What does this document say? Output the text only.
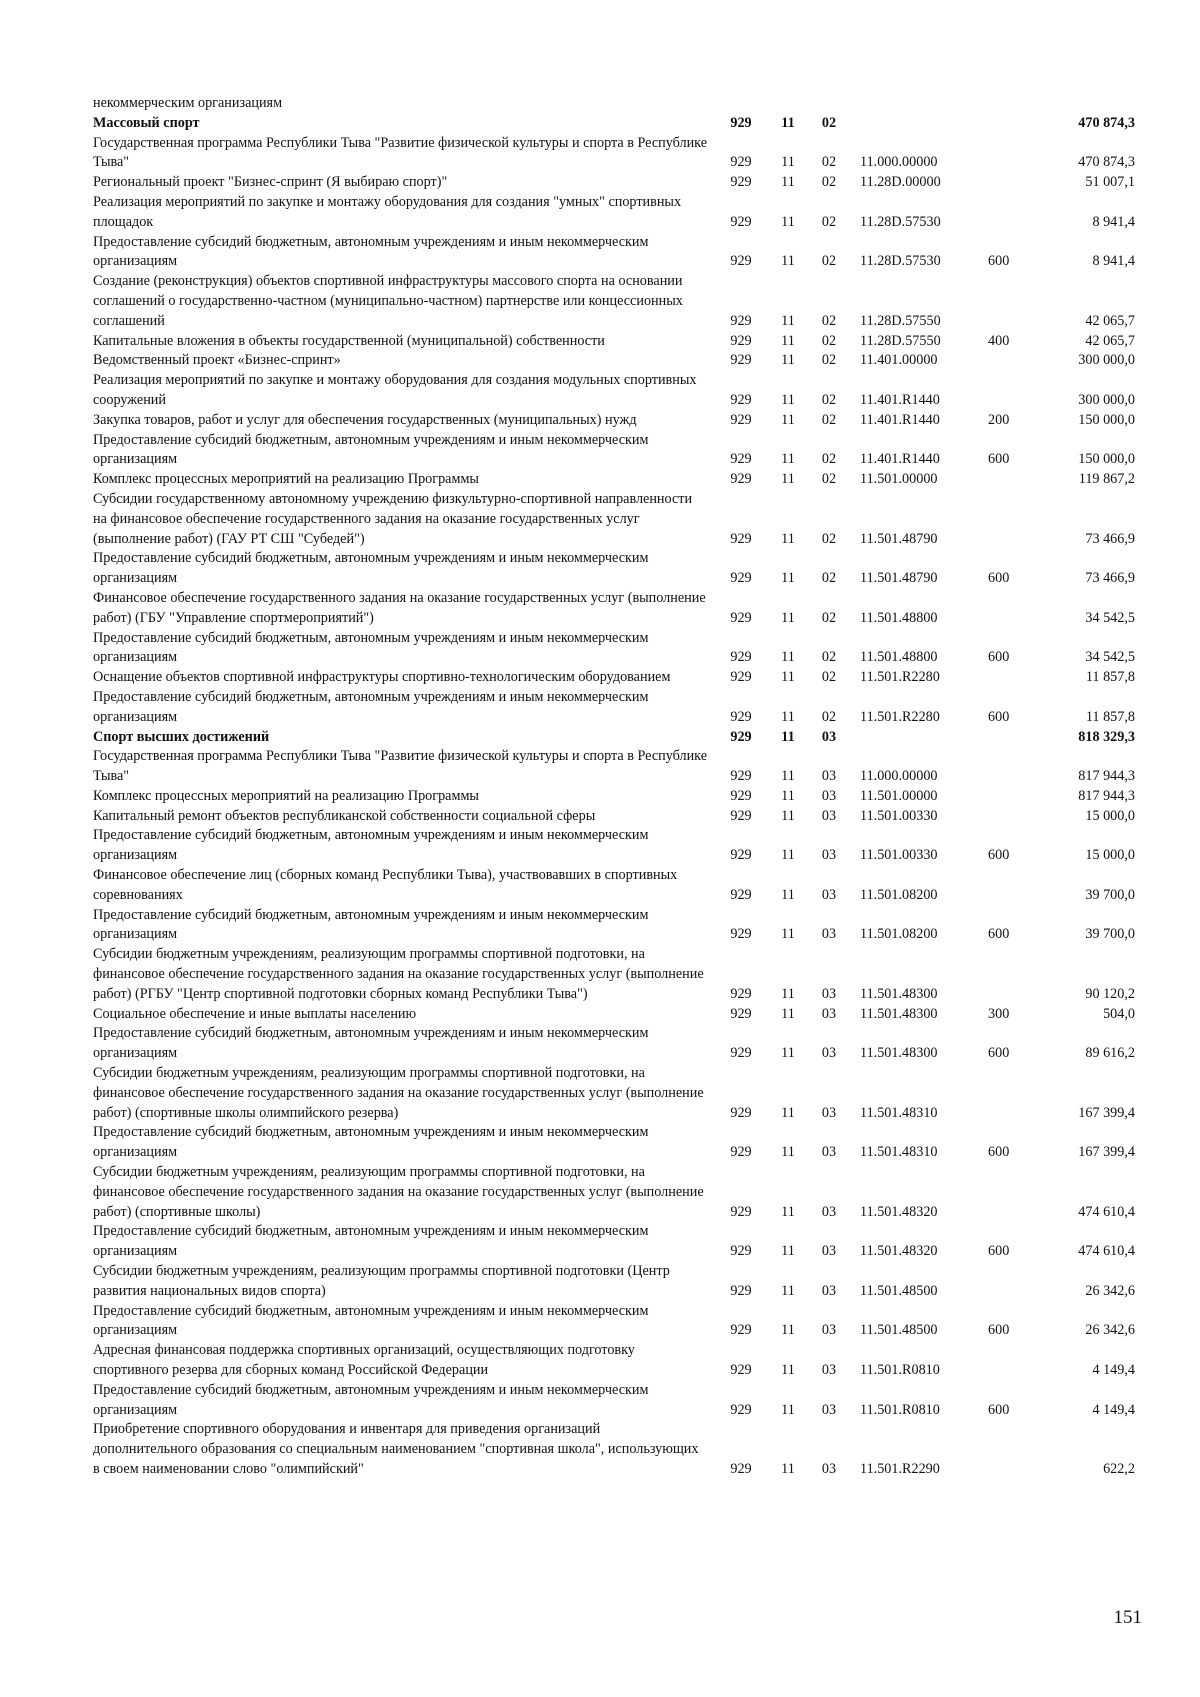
некоммерческим организациям						
Массовый спорт	929	11	02			470 874,3
Государственная программа Республики Тыва "Развитие физической культуры и спорта в Республике Тыва"	929	11	02	11.000.00000		470 874,3
Региональный проект "Бизнес-спринт (Я выбираю спорт)"	929	11	02	11.28D.00000		51 007,1
Реализация мероприятий по закупке и монтажу оборудования для создания "умных" спортивных площадок	929	11	02	11.28D.57530		8 941,4
Предоставление субсидий бюджетным, автономным учреждениям и иным некоммерческим организациям	929	11	02	11.28D.57530	600	8 941,4
Создание (реконструкция) объектов спортивной инфраструктуры массового спорта на основании соглашений о государственно-частном (муниципально-частном) партнерстве или концессионных соглашений	929	11	02	11.28D.57550		42 065,7
Капитальные вложения в объекты государственной (муниципальной) собственности	929	11	02	11.28D.57550	400	42 065,7
Ведомственный проект «Бизнес-спринт»	929	11	02	11.401.00000		300 000,0
Реализация мероприятий по закупке и монтажу оборудования для создания модульных спортивных сооружений	929	11	02	11.401.R1440		300 000,0
Закупка товаров, работ и услуг для обеспечения государственных (муниципальных) нужд	929	11	02	11.401.R1440	200	150 000,0
Предоставление субсидий бюджетным, автономным учреждениям и иным некоммерческим организациям	929	11	02	11.401.R1440	600	150 000,0
Комплекс процессных мероприятий на реализацию Программы	929	11	02	11.501.00000		119 867,2
Субсидии государственному автономному учреждению физкультурно-спортивной направленности на финансовое обеспечение государственного задания на оказание государственных услуг (выполнение работ) (ГАУ РТ СШ "Субедей")	929	11	02	11.501.48790		73 466,9
Предоставление субсидий бюджетным, автономным учреждениям и иным некоммерческим организациям	929	11	02	11.501.48790	600	73 466,9
Финансовое обеспечение государственного задания на оказание государственных услуг (выполнение работ) (ГБУ "Управление спортмероприятий")	929	11	02	11.501.48800		34 542,5
Предоставление субсидий бюджетным, автономным учреждениям и иным некоммерческим организациям	929	11	02	11.501.48800	600	34 542,5
Оснащение объектов спортивной инфраструктуры спортивно-технологическим оборудованием	929	11	02	11.501.R2280		11 857,8
Предоставление субсидий бюджетным, автономным учреждениям и иным некоммерческим организациям	929	11	02	11.501.R2280	600	11 857,8
Спорт высших достижений	929	11	03			818 329,3
Государственная программа Республики Тыва "Развитие физической культуры и спорта в Республике Тыва"	929	11	03	11.000.00000		817 944,3
Комплекс процессных мероприятий на реализацию Программы	929	11	03	11.501.00000		817 944,3
Капитальный ремонт объектов республиканской собственности социальной сферы	929	11	03	11.501.00330		15 000,0
Предоставление субсидий бюджетным, автономным учреждениям и иным некоммерческим организациям	929	11	03	11.501.00330	600	15 000,0
Финансовое обеспечение лиц (сборных команд Республики Тыва), участвовавших в спортивных соревнованиях	929	11	03	11.501.08200		39 700,0
Предоставление субсидий бюджетным, автономным учреждениям и иным некоммерческим организациям	929	11	03	11.501.08200	600	39 700,0
Субсидии бюджетным учреждениям, реализующим программы спортивной подготовки, на финансовое обеспечение государственного задания на оказание государственных услуг (выполнение работ) (РГБУ "Центр спортивной подготовки сборных команд Республики Тыва")	929	11	03	11.501.48300		90 120,2
Социальное обеспечение и иные выплаты населению	929	11	03	11.501.48300	300	504,0
Предоставление субсидий бюджетным, автономным учреждениям и иным некоммерческим организациям	929	11	03	11.501.48300	600	89 616,2
Субсидии бюджетным учреждениям, реализующим программы спортивной подготовки, на финансовое обеспечение государственного задания на оказание государственных услуг (выполнение работ) (спортивные школы олимпийского резерва)	929	11	03	11.501.48310		167 399,4
Предоставление субсидий бюджетным, автономным учреждениям и иным некоммерческим организациям	929	11	03	11.501.48310	600	167 399,4
Субсидии бюджетным учреждениям, реализующим программы спортивной подготовки, на финансовое обеспечение государственного задания на оказание государственных услуг (выполнение работ) (спортивные школы)	929	11	03	11.501.48320		474 610,4
Предоставление субсидий бюджетным, автономным учреждениям и иным некоммерческим организациям	929	11	03	11.501.48320	600	474 610,4
Субсидии бюджетным учреждениям, реализующим программы спортивной подготовки (Центр развития национальных видов спорта)	929	11	03	11.501.48500		26 342,6
Предоставление субсидий бюджетным, автономным учреждениям и иным некоммерческим организациям	929	11	03	11.501.48500	600	26 342,6
Адресная финансовая поддержка спортивных организаций, осуществляющих подготовку спортивного резерва для сборных команд Российской Федерации	929	11	03	11.501.R0810		4 149,4
Предоставление субсидий бюджетным, автономным учреждениям и иным некоммерческим организациям	929	11	03	11.501.R0810	600	4 149,4
Приобретение спортивного оборудования и инвентаря для приведения организаций дополнительного образования со специальным наименованием "спортивная школа", использующих в своем наименовании слово "олимпийский"	929	11	03	11.501.R2290		622,2
151
